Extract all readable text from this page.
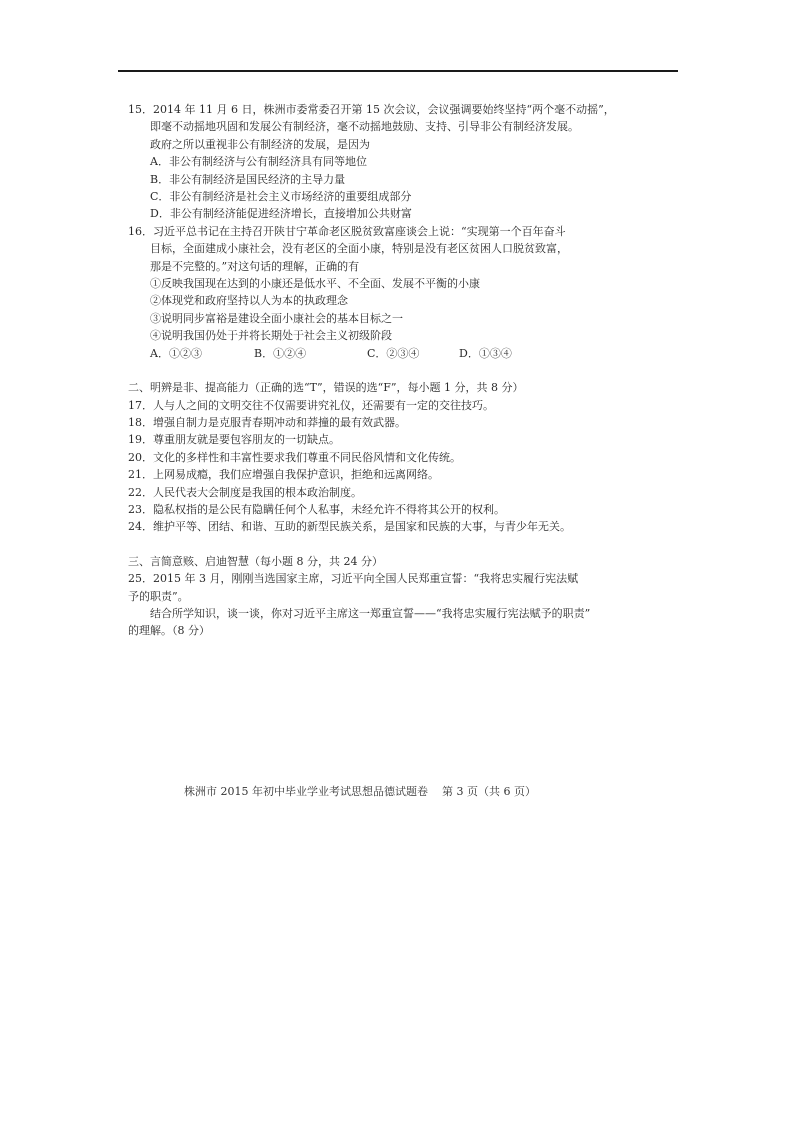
15．2014 年 11 月 6 日，株洲市委常委召开第 15 次会议，会议强调要始终坚持“两个毫不动摇”，
即毫不动摇地巩固和发展公有制经济，毫不动摇地鼓励、支持、引导非公有制经济发展。
政府之所以重视非公有制经济的发展，是因为
A．非公有制经济与公有制经济具有同等地位
B．非公有制经济是国民经济的主导力量
C．非公有制经济是社会主义市场经济的重要组成部分
D．非公有制经济能促进经济增长，直接增加公共财富
16．习近平总书记在主持召开陕甘宁革命老区脱贫致富座谈会上说：“实现第一个百年奋斗
目标，全面建成小康社会，没有老区的全面小康，特别是没有老区贫困人口脱贫致富，
那是不完整的。”对这句话的理解，正确的有
①反映我国现在达到的小康还是低水平、不全面、发展不平衡的小康
②体现党和政府坚持以人为本的执政理念
③说明同步富裕是建设全面小康社会的基本目标之一
④说明我国仍处于并将长期处于社会主义初级阶段
A．①②③	B．①②④	C．②③④	D．①③④
二、明辨是非、提高能力（正确的选“T”，错误的选“F”，每小题 1 分，共 8 分）
17．人与人之间的文明交往不仅需要讲究礼仪，还需要有一定的交往技巧。
18．增强自制力是克服青春期冲动和莽撞的最有效武器。
19．尊重朋友就是要包容朋友的一切缺点。
20．文化的多样性和丰富性要求我们尊重不同民俗风情和文化传统。
21．上网易成瘾，我们应增强自我保护意识，拒绝和远离网络。
22．人民代表大会制度是我国的根本政治制度。
23．隐私权指的是公民有隐瞒任何个人私事，未经允许不得将其公开的权利。
24．维护平等、团结、和谐、互助的新型民族关系，是国家和民族的大事，与青少年无关。
三、言简意赅、启迪智慧（每小题 8 分，共 24 分）
25．2015 年 3 月，刚刚当选国家主席，习近平向全国人民郑重宣誓：“我将忠实履行宪法赋
予的职责”。
结合所学知识，谈一谈，你对习近平主席这一郑重宣誓——“我将忠实履行宪法赋予的职责”
的理解。（8 分）
株洲市 2015 年初中毕业学业考试思想品德试题卷 第 3 页（共 6 页）
